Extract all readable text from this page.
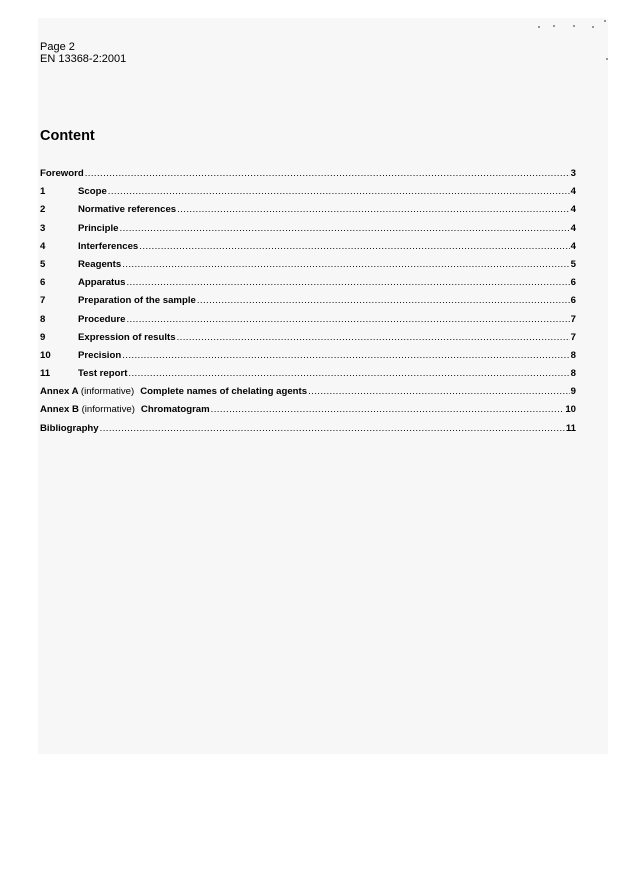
Page 2
EN 13368-2:2001
Content
Foreword .....	3
1	Scope .....	4
2	Normative references .....	4
3	Principle .....	4
4	Interferences .....	4
5	Reagents .....	5
6	Apparatus .....	6
7	Preparation of the sample .....	6
8	Procedure .....	7
9	Expression of results .....	7
10	Precision .....	8
11	Test report .....	8
Annex A (informative) Complete names of chelating agents .....	9
Annex B (informative) Chromatogram .....	10
Bibliography .....	11
